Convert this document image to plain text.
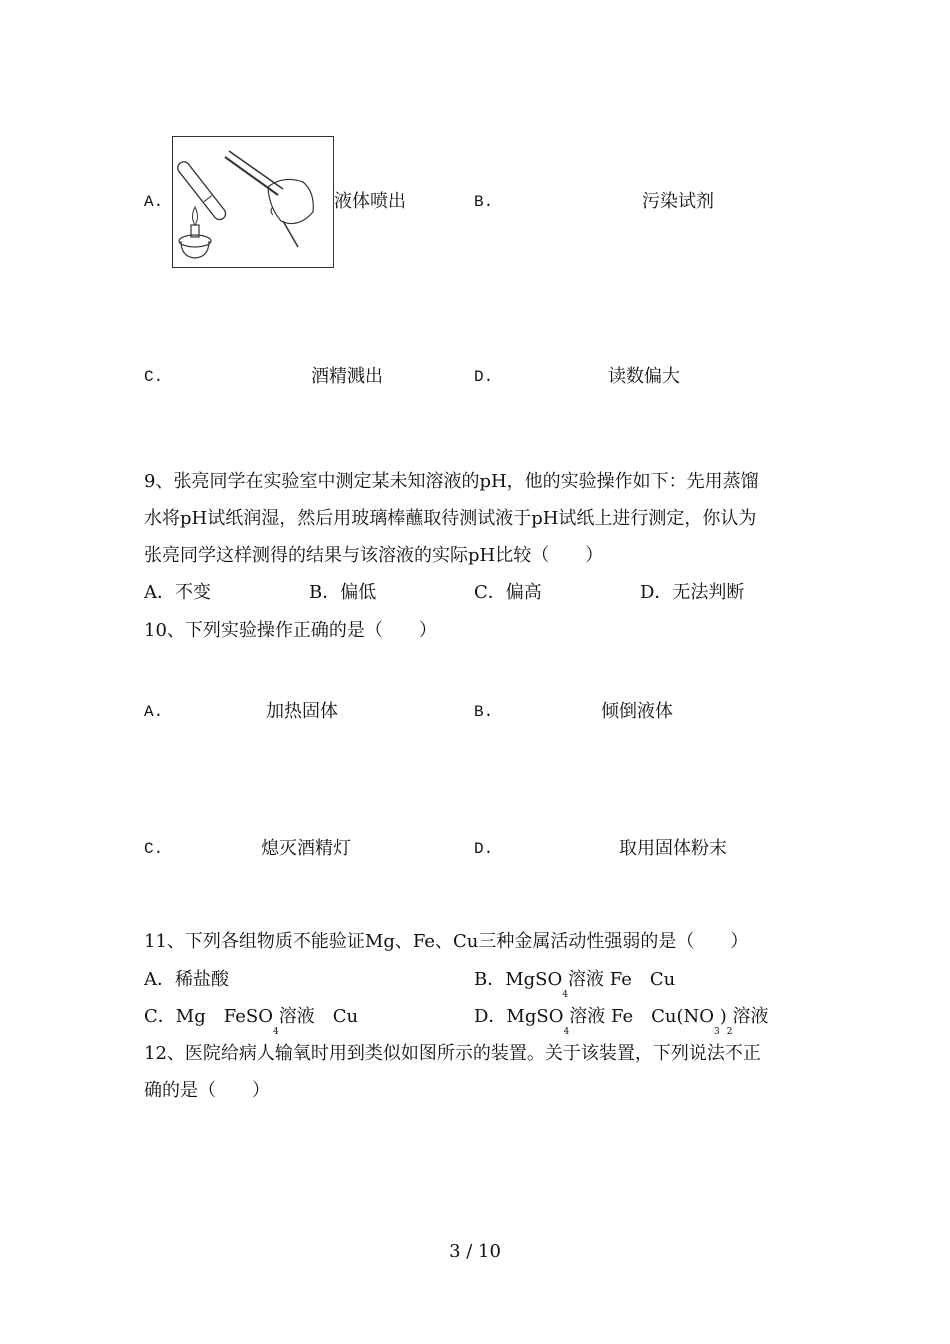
A.	液体喷出	B.	污染试剂
C.	酒精溅出	D.	读数偏大
9、张亮同学在实验室中测定某未知溶液的pH，他的实验操作如下：先用蒸馏
水将pH试纸润湿，然后用玻璃棒蘸取待测试液于pH试纸上进行测定，你认为
张亮同学这样测得的结果与该溶液的实际pH比较（　　）
A．不变	B．偏低	C．偏高	D．无法判断
10、下列实验操作正确的是（　　）
A.	加热固体	B.	倾倒液体
C.	熄灭酒精灯	D.	取用固体粉末
11、下列各组物质不能验证Mg、Fe、Cu三种金属活动性强弱的是（　　）
A．稀盐酸	B．MgSO$_4$溶液 Fe　Cu
C．Mg　FeSO$_4$溶液　Cu	D．MgSO$_4$溶液 Fe　$Cu(NO_3)_2$溶液
12、医院给病人输氧时用到类似如图所示的装置。关于该装置，下列说法不正
确的是（　　）
3 / 10
